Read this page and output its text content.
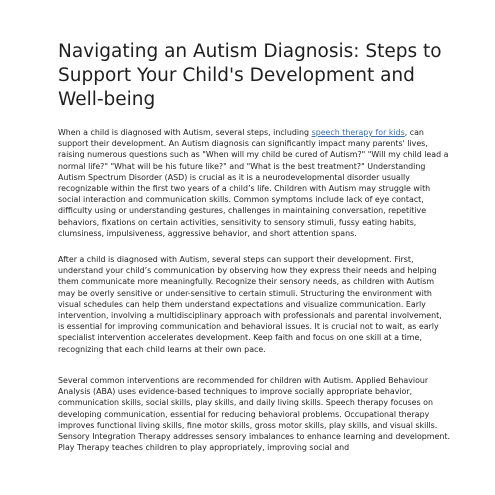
Navigating an Autism Diagnosis: Steps to Support Your Child's Development and Well-being

When a child is diagnosed with Autism, several steps, including speech therapy for kids, can support their development. An Autism diagnosis can significantly impact many parents' lives, raising numerous questions such as "When will my child be cured of Autism?" "Will my child lead a normal life?" "What will be his future like?" and "What is the best treatment?" Understanding Autism Spectrum Disorder (ASD) is crucial as it is a neurodevelopmental disorder usually recognizable within the first two years of a child’s life. Children with Autism may struggle with social interaction and communication skills. Common symptoms include lack of eye contact, difficulty using or understanding gestures, challenges in maintaining conversation, repetitive behaviors, fixations on certain activities, sensitivity to sensory stimuli, fussy eating habits, clumsiness, impulsiveness, aggressive behavior, and short attention spans.

After a child is diagnosed with Autism, several steps can support their development. First, understand your child’s communication by observing how they express their needs and helping them communicate more meaningfully. Recognize their sensory needs, as children with Autism may be overly sensitive or under-sensitive to certain stimuli. Structuring the environment with visual schedules can help them understand expectations and visualize communication. Early intervention, involving a multidisciplinary approach with professionals and parental involvement, is essential for improving communication and behavioral issues. It is crucial not to wait, as early specialist intervention accelerates development. Keep faith and focus on one skill at a time, recognizing that each child learns at their own pace.

Several common interventions are recommended for children with Autism. Applied Behaviour Analysis (ABA) uses evidence-based techniques to improve socially appropriate behavior, communication skills, social skills, play skills, and daily living skills. Speech therapy focuses on developing communication, essential for reducing behavioral problems. Occupational therapy improves functional living skills, fine motor skills, gross motor skills, play skills, and visual skills. Sensory Integration Therapy addresses sensory imbalances to enhance learning and development. Play Therapy teaches children to play appropriately, improving social and
